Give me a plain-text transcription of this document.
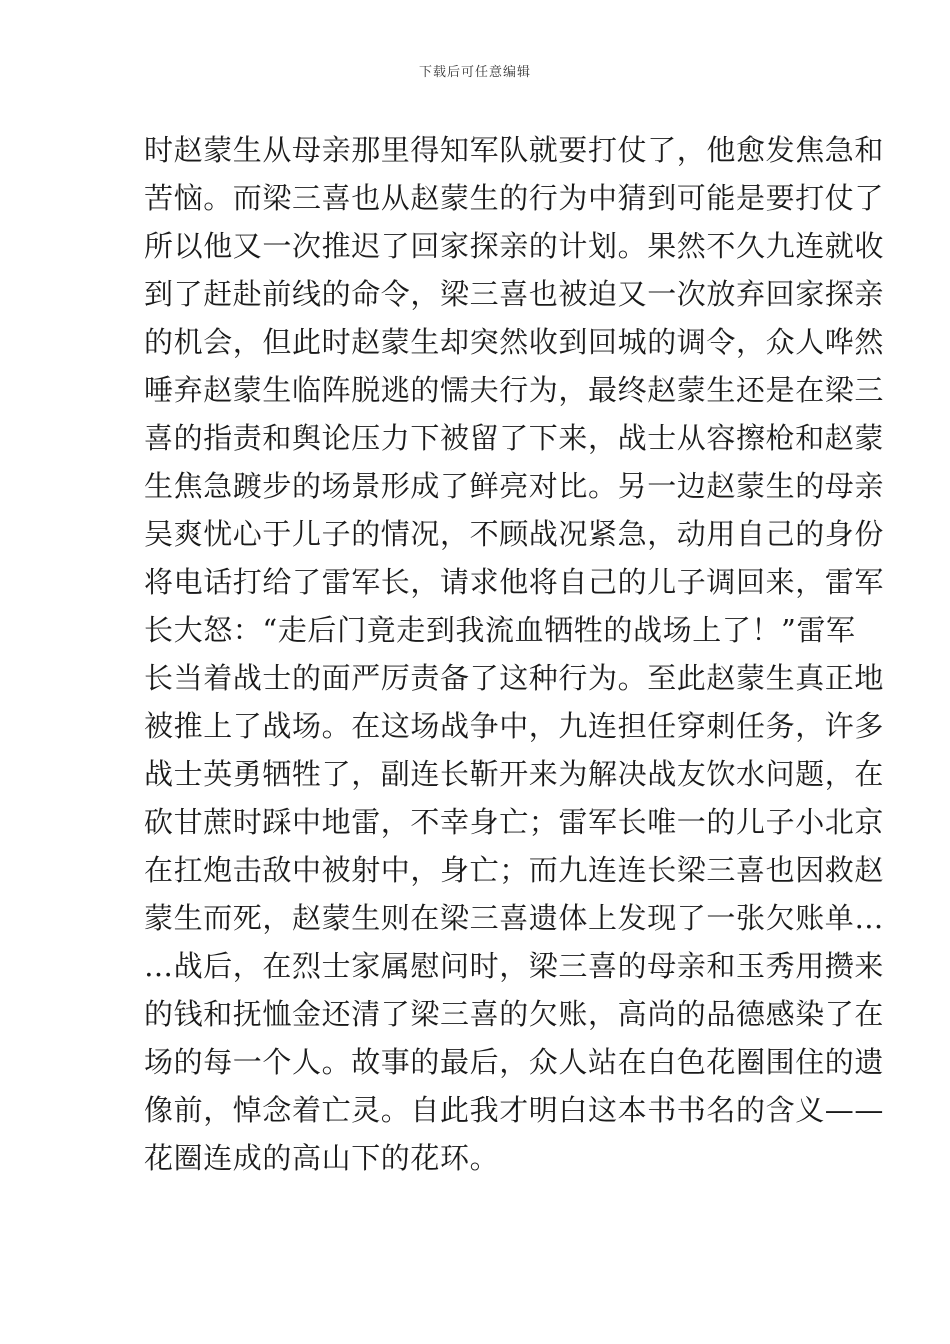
下载后可任意编辑
时赵蒙生从母亲那里得知军队就要打仗了，他愈发焦急和
苦恼。而梁三喜也从赵蒙生的行为中猜到可能是要打仗了
所以他又一次推迟了回家探亲的计划。果然不久九连就收
到了赶赴前线的命令，梁三喜也被迫又一次放弃回家探亲
的机会，但此时赵蒙生却突然收到回城的调令，众人哗然
唾弃赵蒙生临阵脱逃的懦夫行为，最终赵蒙生还是在梁三
喜的指责和舆论压力下被留了下来，战士从容擦枪和赵蒙
生焦急踱步的场景形成了鲜亮对比。另一边赵蒙生的母亲
吴爽忧心于儿子的情况，不顾战况紧急，动用自己的身份
将电话打给了雷军长，请求他将自己的儿子调回来，雷军
长大怒：“走后门竟走到我流血牺牲的战场上了！”雷军
长当着战士的面严厉责备了这种行为。至此赵蒙生真正地
被推上了战场。在这场战争中，九连担任穿刺任务，许多
战士英勇牺牲了，副连长靳开来为解决战友饮水问题，在
砍甘蔗时踩中地雷，不幸身亡；雷军长唯一的儿子小北京
在扛炮击敌中被射中，身亡；而九连连长梁三喜也因救赵
蒙生而死，赵蒙生则在梁三喜遗体上发现了一张欠账单…
…战后，在烈士家属慰问时，梁三喜的母亲和玉秀用攒来
的钱和抚恤金还清了梁三喜的欠账，高尚的品德感染了在
场的每一个人。故事的最后，众人站在白色花圈围住的遗
像前，悼念着亡灵。自此我才明白这本书书名的含义——
花圈连成的高山下的花环。
